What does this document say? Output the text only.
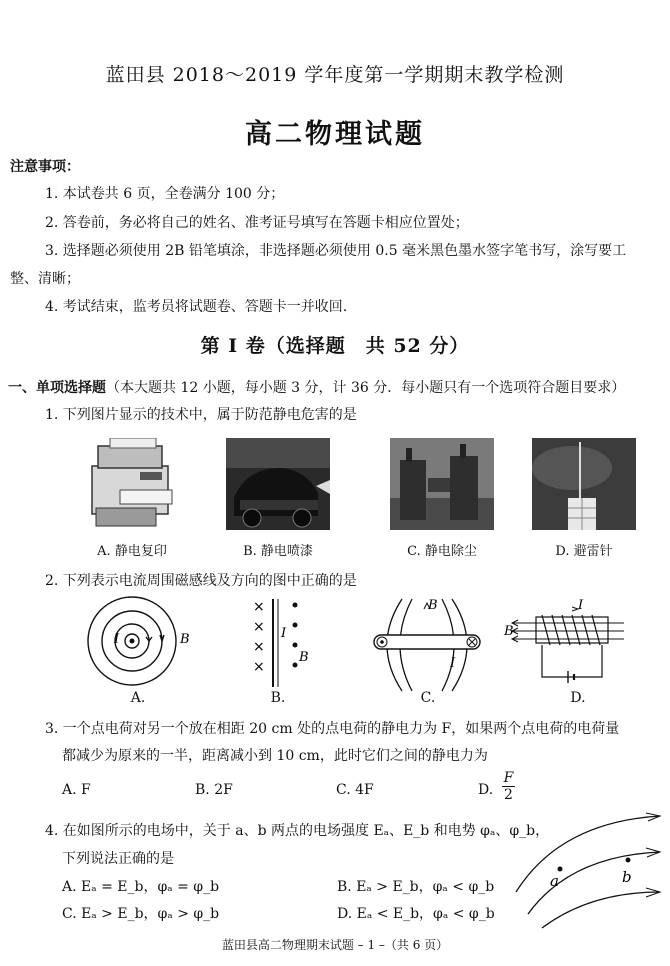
蓝田县 2018～2019 学年度第一学期期末教学检测
高二物理试题
注意事项：
1. 本试卷共 6 页，全卷满分 100 分；
2. 答卷前，务必将自己的姓名、准考证号填写在答题卡相应位置处；
3. 选择题必须使用 2B 铅笔填涂，非选择题必须使用 0.5 毫米黑色墨水签字笔书写，涂写要工
整、清晰；
4. 考试结束，监考员将试题卷、答题卡一并收回.
第 I 卷（选择题　共 52 分）
一、单项选择题（本大题共 12 小题，每小题 3 分，计 36 分．每小题只有一个选项符合题目要求）
1. 下列图片显示的技术中，属于防范静电危害的是
A. 静电复印	B. 静电喷漆	C. 静电除尘	D. 避雷针
2. 下列表示电流周围磁感线及方向的图中正确的是
I	B
×
×
×
×
I
B
B
I
I
B
A.	B.	C.	D.
3. 一个点电荷对另一个放在相距 20 cm 处的点电荷的静电力为 F，如果两个点电荷的电荷量
都减少为原来的一半，距离减小到 10 cm，此时它们之间的静电力为
A. F	B. 2F	C. 4F	D. $\frac{F}{2}$
4. 在如图所示的电场中，关于 a、b 两点的电场强度 Eₐ、E_b 和电势 φₐ、φ_b，
下列说法正确的是
A. Eₐ = E_b，φₐ = φ_b	B. Eₐ > E_b，φₐ < φ_b
C. Eₐ > E_b，φₐ > φ_b	D. Eₐ < E_b，φₐ < φ_b
a	b
蓝田县高二物理期末试题 – 1 –（共 6 页）
